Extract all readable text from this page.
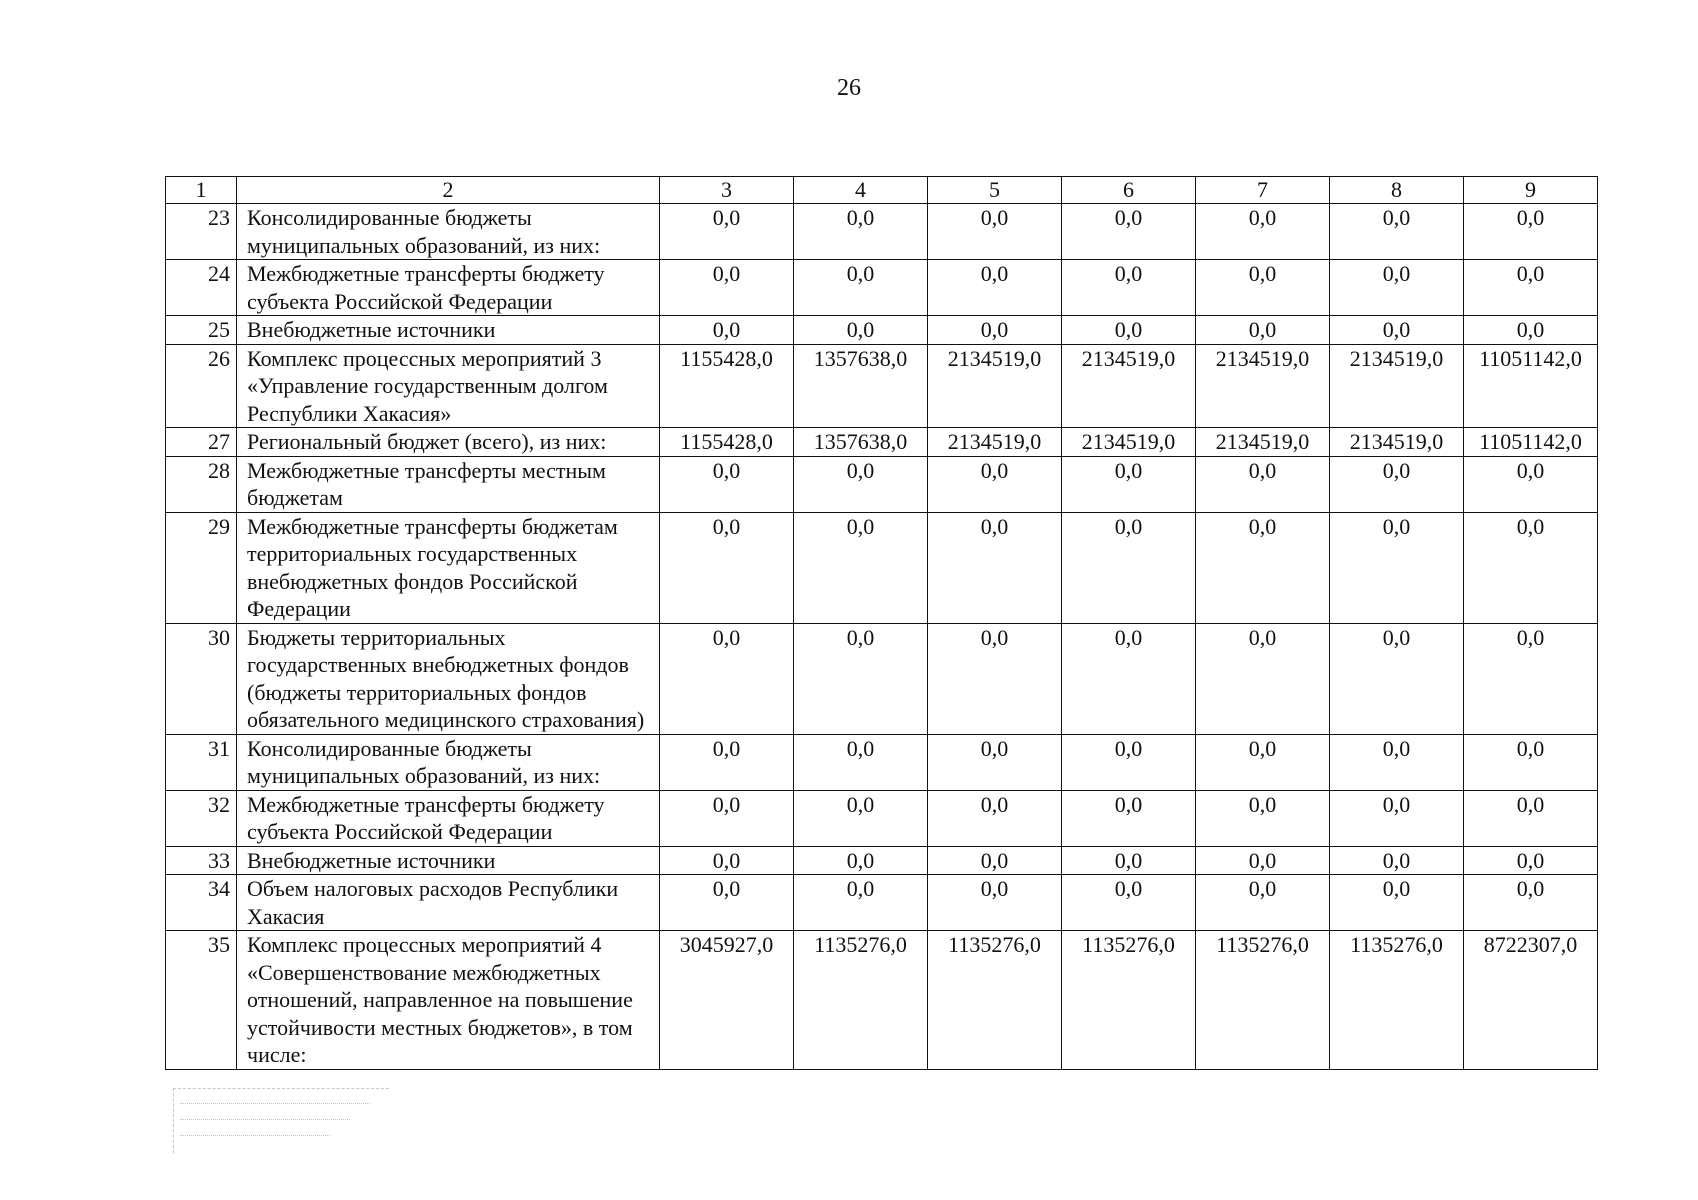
26
1	2	3	4	5	6	7	8	9
23	Консолидированные бюджеты муниципальных образований, из них:	0,0	0,0	0,0	0,0	0,0	0,0	0,0
24	Межбюджетные трансферты бюджету субъекта Российской Федерации	0,0	0,0	0,0	0,0	0,0	0,0	0,0
25	Внебюджетные источники	0,0	0,0	0,0	0,0	0,0	0,0	0,0
26	Комплекс процессных мероприятий 3 «Управление государственным долгом Республики Хакасия»	1155428,0	1357638,0	2134519,0	2134519,0	2134519,0	2134519,0	11051142,0
27	Региональный бюджет (всего), из них:	1155428,0	1357638,0	2134519,0	2134519,0	2134519,0	2134519,0	11051142,0
28	Межбюджетные трансферты местным бюджетам	0,0	0,0	0,0	0,0	0,0	0,0	0,0
29	Межбюджетные трансферты бюджетам территориальных государственных внебюджетных фондов Российской Федерации	0,0	0,0	0,0	0,0	0,0	0,0	0,0
30	Бюджеты территориальных государственных внебюджетных фондов (бюджеты территориальных фондов обязательного медицинского страхования)	0,0	0,0	0,0	0,0	0,0	0,0	0,0
31	Консолидированные бюджеты муниципальных образований, из них:	0,0	0,0	0,0	0,0	0,0	0,0	0,0
32	Межбюджетные трансферты бюджету субъекта Российской Федерации	0,0	0,0	0,0	0,0	0,0	0,0	0,0
33	Внебюджетные источники	0,0	0,0	0,0	0,0	0,0	0,0	0,0
34	Объем налоговых расходов Республики Хакасия	0,0	0,0	0,0	0,0	0,0	0,0	0,0
35	Комплекс процессных мероприятий 4 «Совершенствование межбюджетных отношений, направленное на повышение устойчивости местных бюджетов», в том числе:	3045927,0	1135276,0	1135276,0	1135276,0	1135276,0	1135276,0	8722307,0
